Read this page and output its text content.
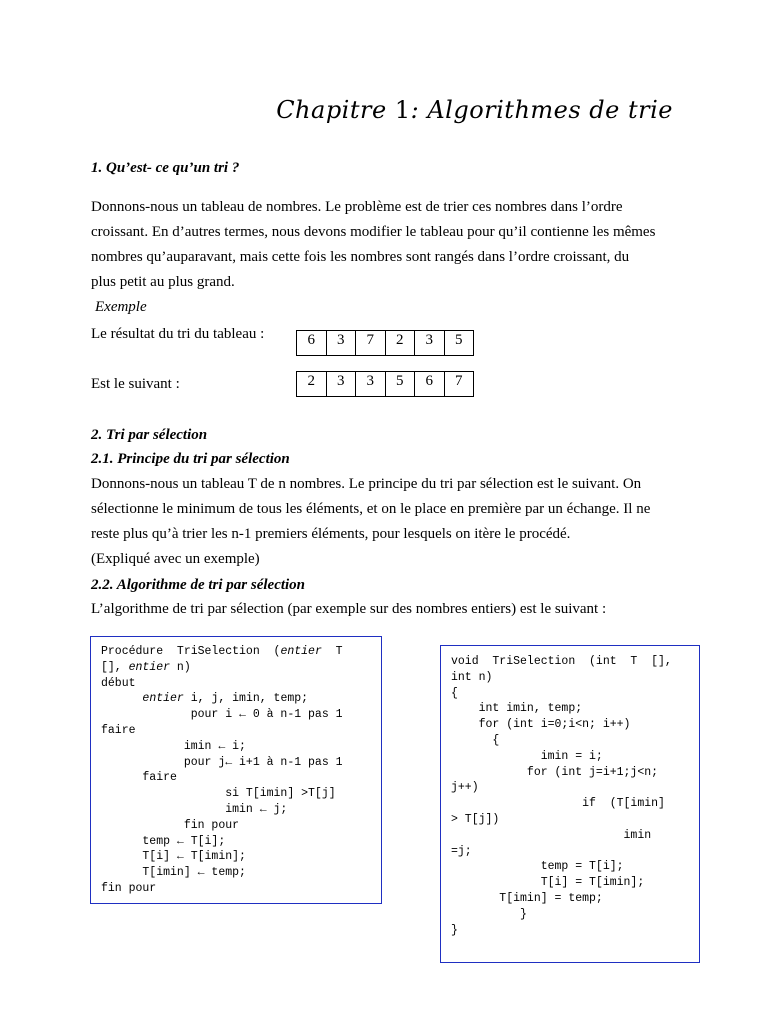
Chapitre 1: Algorithmes de trie
1. Qu’est- ce qu’un tri ?
Donnons-nous un tableau de nombres. Le problème est de trier ces nombres dans l’ordre
croissant. En d’autres termes, nous devons modifier le tableau pour qu’il contienne les mêmes
nombres qu’auparavant, mais cette fois les nombres sont rangés dans l’ordre croissant, du
plus petit au plus grand.
Exemple
Le résultat du tri du tableau :	6	3	7	2	3	5
Est le suivant :	2	3	3	5	6	7
2. Tri par sélection
2.1. Principe du tri par sélection
Donnons-nous un tableau T de n nombres. Le principe du tri par sélection est le suivant. On
sélectionne le minimum de tous les éléments, et on le place en première par un échange. Il ne
reste plus qu’à trier les n-1 premiers éléments, pour lesquels on itère le procédé.
(Expliqué avec un exemple)
2.2. Algorithme de tri par sélection
L’algorithme de tri par sélection (par exemple sur des nombres entiers) est le suivant :
Procédure  TriSelection  (entier  T
[], entier n)
début
entier i, j, imin, temp;
pour i ← 0 à n-1 pas 1
faire
imin ← i;
pour j← i+1 à n-1 pas 1
faire
si T[imin] >T[j]
imin ← j;
fin pour
temp ← T[i];
T[i] ← T[imin];
T[imin] ← temp;
fin pour
void  TriSelection  (int  T  [],
int n)
{
int imin, temp;
for (int i=0;i<n; i++)
{
imin = i;
for (int j=i+1;j<n;
j++)
if  (T[imin]
> T[j])
imin
=j;
temp = T[i];
T[i] = T[imin];
T[imin] = temp;
}
}
